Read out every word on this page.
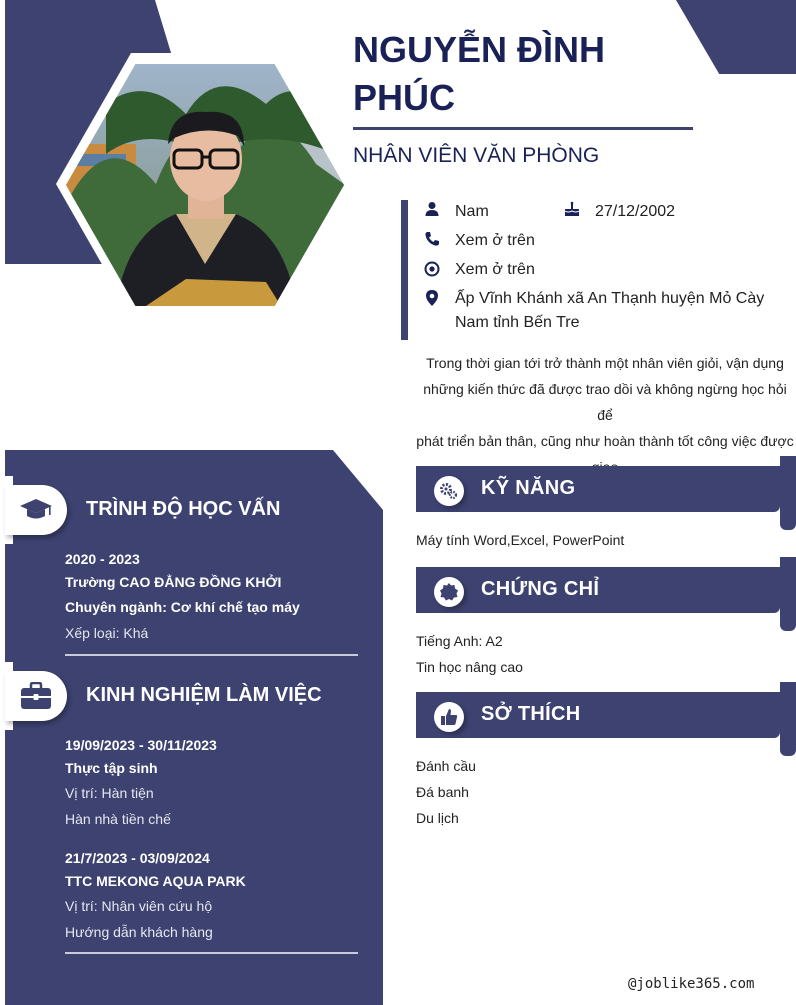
NGUYỄN ĐÌNH PHÚC
NHÂN VIÊN VĂN PHÒNG
Nam	27/12/2002
Xem ở trên
Xem ở trên
Ấp Vĩnh Khánh xã An Thạnh huyện Mỏ Cày
Nam tỉnh Bến Tre
Trong thời gian tới trở thành một nhân viên giỏi, vận dụng
những kiến thức đã được trao dồi và không ngừng học hỏi để
phát triển bản thân, cũng như hoàn thành tốt công việc được
KỸ NĂNG
Máy tính Word,Excel, PowerPoint
CHỨNG CHỈ
Tiếng Anh: A2
Tin học nâng cao
SỞ THÍCH
Đánh cầu
Đá banh
Du lịch
TRÌNH ĐỘ HỌC VẤN
2020 - 2023
Trường CAO ĐẲNG ĐỒNG KHỞI
Chuyên ngành: Cơ khí chế tạo máy
Xếp loại: Khá
KINH NGHIỆM LÀM VIỆC
19/09/2023 - 30/11/2023
Thực tập sinh
Vị trí: Hàn tiện
Hàn nhà tiền chế
21/7/2023 - 03/09/2024
TTC MEKONG AQUA PARK
Vị trí: Nhân viên cứu hộ
Hướng dẫn khách hàng
@joblike365.com
